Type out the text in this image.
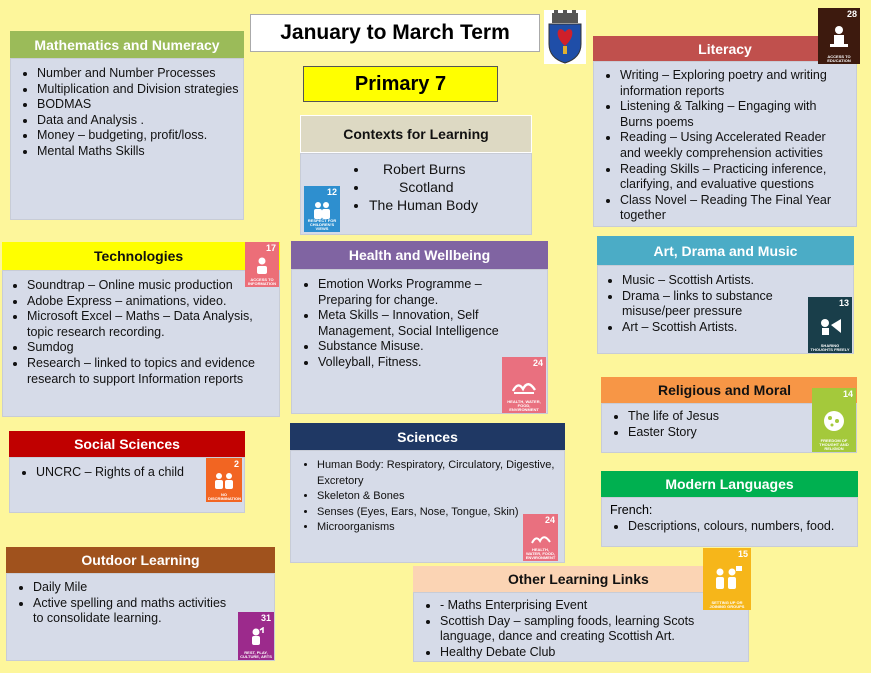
January to March Term
Primary 7
Contexts for Learning
• Robert Burns
• Scotland
• The Human Body
12
RESPECT FOR CHILDREN'S VIEWS
Mathematics and Numeracy
• Number and Number Processes
• Multiplication and Division strategies
• BODMAS
• Data and Analysis .
• Money – budgeting, profit/loss.
• Mental Maths Skills
Literacy
• Writing – Exploring poetry and writing information reports
• Listening & Talking – Engaging with Burns poems
• Reading – Using Accelerated Reader and weekly comprehension activities
• Reading Skills – Practicing inference, clarifying, and evaluative questions
• Class Novel – Reading The Final Year together
28
ACCESS TO EDUCATION
Technologies
• Soundtrap – Online music production
• Adobe Express – animations, video.
• Microsoft Excel – Maths – Data Analysis, topic research recording.
• Sumdog
• Research – linked to topics and evidence research to support Information reports
17
ACCESS TO INFORMATION
Health and Wellbeing
• Emotion Works Programme – Preparing for change.
• Meta Skills – Innovation, Self Management, Social Intelligence
• Substance Misuse.
• Volleyball, Fitness.	24
HEALTH, WATER, FOOD, ENVIRONMENT
Art, Drama and Music
• Music – Scottish Artists.
• Drama – links to substance misuse/peer pressure
• Art – Scottish Artists.
13
SHARING THOUGHTS FREELY
Religious and Moral
• The life of Jesus
• Easter Story
14
FREEDOM OF THOUGHT AND RELIGION
Social Sciences
• UNCRC – Rights of a child
2
NO DISCRIMINATION
Sciences
• Human Body: Respiratory, Circulatory, Digestive, Excretory
• Skeleton & Bones
• Senses (Eyes, Ears, Nose, Tongue, Skin)
• Microorganisms
24
HEALTH, WATER, FOOD, ENVIRONMENT
Modern Languages
French:
• Descriptions, colours, numbers, food.
Outdoor Learning
• Daily Mile
• Active spelling and maths activities to consolidate learning.	31
REST, PLAY, CULTURE, ARTS
Other Learning Links
• - Maths Enterprising Event
• Scottish Day – sampling foods, learning Scots language, dance and creating Scottish Art.
• Healthy Debate Club
15
SETTING UP OR JOINING GROUPS
